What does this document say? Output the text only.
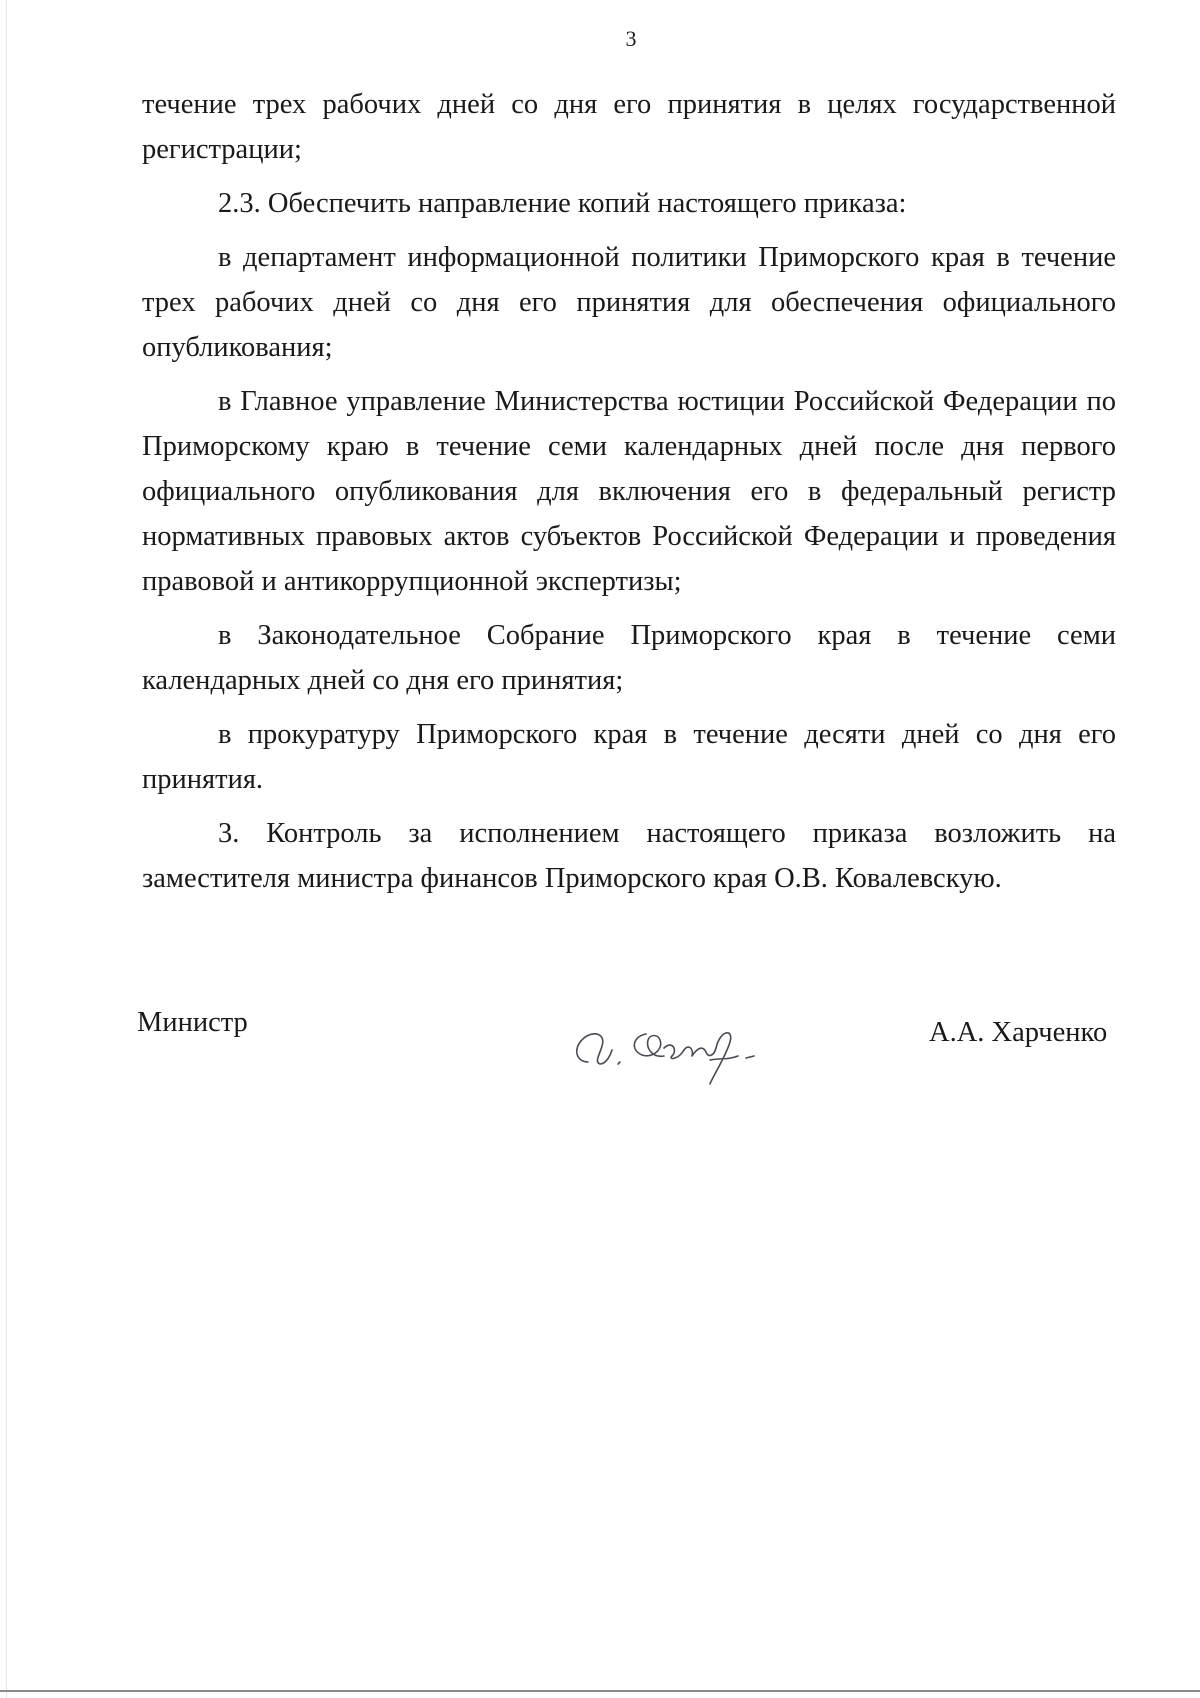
3

течение трех рабочих дней со дня его принятия в целях государственной регистрации;

2.3. Обеспечить направление копий настоящего приказа:

в департамент информационной политики Приморского края в течение трех рабочих дней со дня его принятия для обеспечения официального опубликования;

в Главное управление Министерства юстиции Российской Федерации по Приморскому краю в течение семи календарных дней после дня первого официального опубликования для включения его в федеральный регистр нормативных правовых актов субъектов Российской Федерации и проведения правовой и антикоррупционной экспертизы;

в Законодательное Собрание Приморского края в течение семи календарных дней со дня его принятия;

в прокуратуру Приморского края в течение десяти дней со дня его принятия.

3. Контроль за исполнением настоящего приказа возложить на заместителя министра финансов Приморского края О.В. Ковалевскую.

Министр	А.А. Харченко
